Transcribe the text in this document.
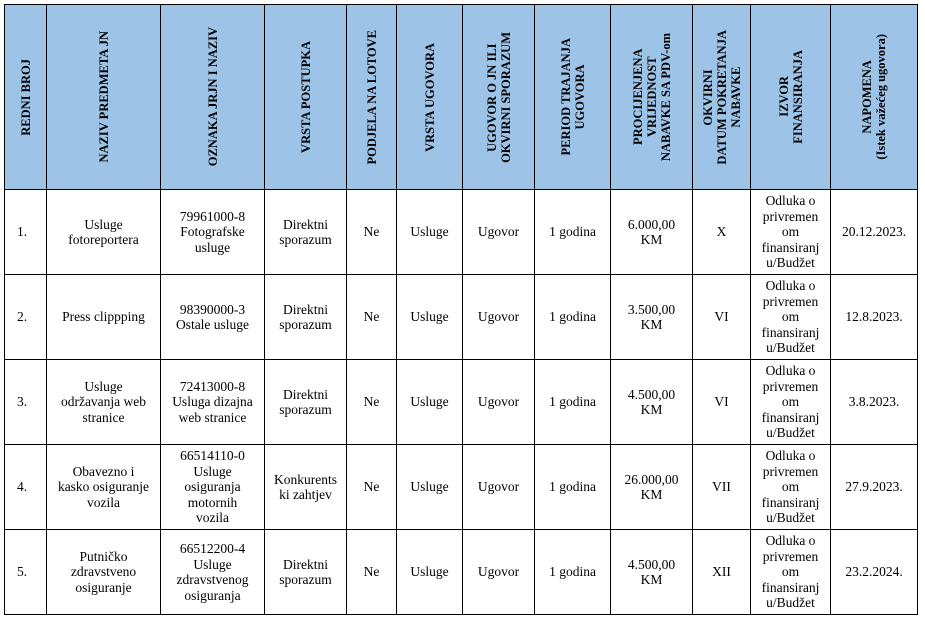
REDNI BROJ	NAZIV PREDMETA JN	OZNAKA JRJN I NAZIV	VRSTA POSTUPKA	PODJELA NA LOTOVE	VRSTA UGOVORA	UGOVOR O JN ILI
OKVIRNI SPORAZUM	PERIOD TRAJANJA
UGOVORA	PROCIJENJENA
VRIJEDNOST
NABAVKE SA PDV-om	OKVIRNI
DATUM POKRETANJA
NABAVKE	IZVOR
FINANSIRANJA	NAPOMENA
(Istek važećeg ugovora)

1.	Usluge
fotoreportera	79961000-8
Fotografske
usluge	Direktni
sporazum	Ne	Usluge	Ugovor	1 godina	6.000,00
KM	X	Odluka o
privremen
om
finansiranj
u/Budžet	20.12.2023.

2.	Press clippping	98390000-3
Ostale usluge	Direktni
sporazum	Ne	Usluge	Ugovor	1 godina	3.500,00
KM	VI	Odluka o
privremen
om
finansiranj
u/Budžet	12.8.2023.

3.	Usluge
održavanja web
stranice	72413000-8
Usluga dizajna
web stranice	Direktni
sporazum	Ne	Usluge	Ugovor	1 godina	4.500,00
KM	VI	Odluka o
privremen
om
finansiranj
u/Budžet	3.8.2023.

4.	Obavezno i
kasko osiguranje
vozila	66514110-0
Usluge
osiguranja
motornih
vozila	Konkurents
ki zahtjev	Ne	Usluge	Ugovor	1 godina	26.000,00
KM	VII	Odluka o
privremen
om
finansiranj
u/Budžet	27.9.2023.

5.	Putničko
zdravstveno
osiguranje	66512200-4
Usluge
zdravstvenog
osiguranja	Direktni
sporazum	Ne	Usluge	Ugovor	1 godina	4.500,00
KM	XII	Odluka o
privremen
om
finansiranj
u/Budžet	23.2.2024.
